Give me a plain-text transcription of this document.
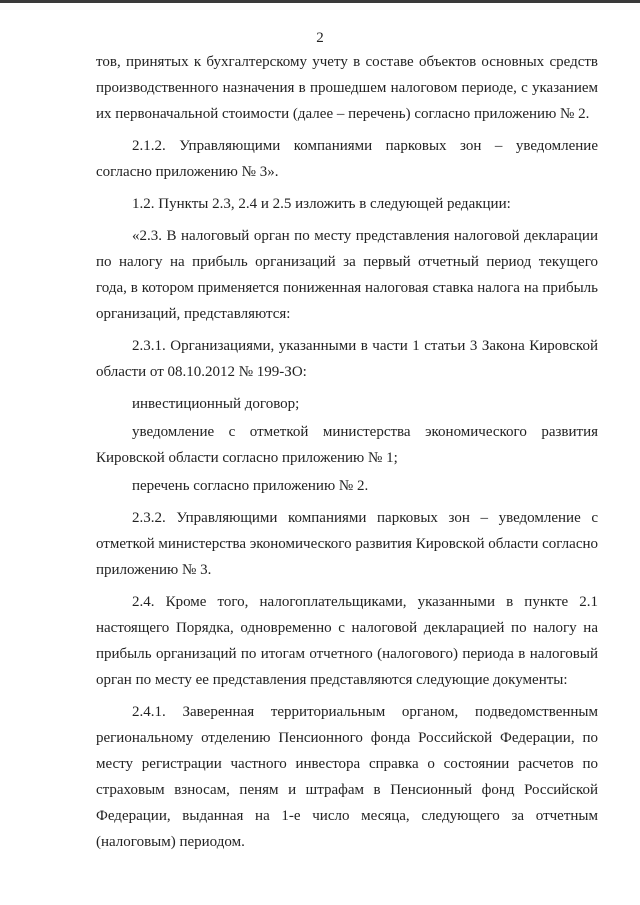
2

тов, принятых к бухгалтерскому учету в составе объектов основных средств производственного назначения в прошедшем налоговом периоде, с указанием их первоначальной стоимости (далее – перечень) согласно приложению № 2.

2.1.2. Управляющими компаниями парковых зон – уведомление согласно приложению № 3».

1.2. Пункты 2.3, 2.4 и 2.5 изложить в следующей редакции:

«2.3. В налоговый орган по месту представления налоговой декларации по налогу на прибыль организаций за первый отчетный период текущего года, в котором применяется пониженная налоговая ставка налога на прибыль организаций, представляются:

2.3.1. Организациями, указанными в части 1 статьи 3 Закона Кировской области от 08.10.2012 № 199-ЗО:

инвестиционный договор;

уведомление с отметкой министерства экономического развития Кировской области согласно приложению № 1;

перечень согласно приложению № 2.

2.3.2. Управляющими компаниями парковых зон – уведомление с отметкой министерства экономического развития Кировской области согласно приложению № 3.

2.4. Кроме того, налогоплательщиками, указанными в пункте 2.1 настоящего Порядка, одновременно с налоговой декларацией по налогу на прибыль организаций по итогам отчетного (налогового) периода в налоговый орган по месту ее представления представляются следующие документы:

2.4.1. Заверенная территориальным органом, подведомственным региональному отделению Пенсионного фонда Российской Федерации, по месту регистрации частного инвестора справка о состоянии расчетов по страховым взносам, пеням и штрафам в Пенсионный фонд Российской Федерации, выданная на 1-е число месяца, следующего за отчетным (налоговым) периодом.
